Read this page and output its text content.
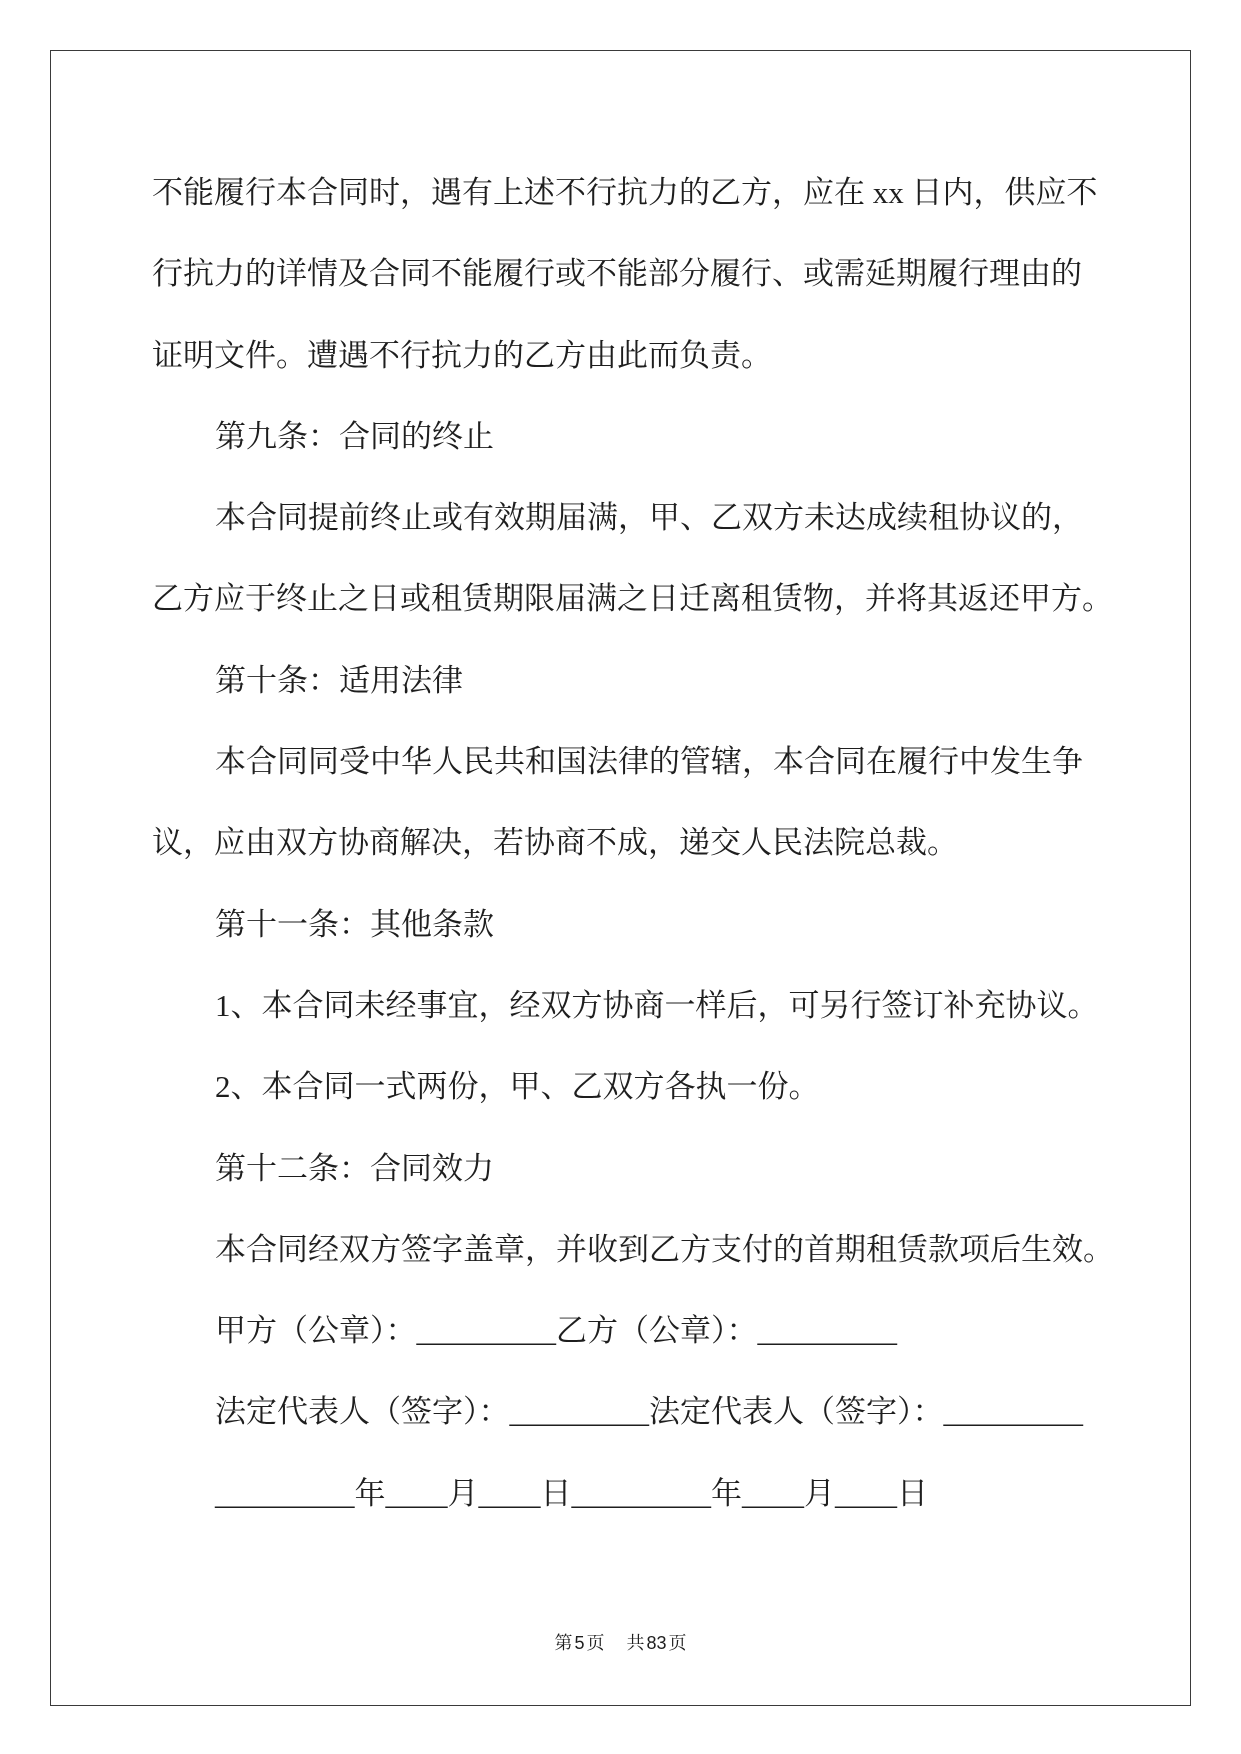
不能履行本合同时，遇有上述不行抗力的乙方，应在 xx 日内，供应不
行抗力的详情及合同不能履行或不能部分履行、或需延期履行理由的
证明文件。遭遇不行抗力的乙方由此而负责。
第九条：合同的终止
本合同提前终止或有效期届满，甲、乙双方未达成续租协议的，
乙方应于终止之日或租赁期限届满之日迁离租赁物，并将其返还甲方。
第十条：适用法律
本合同同受中华人民共和国法律的管辖，本合同在履行中发生争
议，应由双方协商解决，若协商不成，递交人民法院总裁。
第十一条：其他条款
1、本合同未经事宜，经双方协商一样后，可另行签订补充协议。
2、本合同一式两份，甲、乙双方各执一份。
第十二条：合同效力
本合同经双方签字盖章，并收到乙方支付的首期租赁款项后生效。
甲方（公章）：_________乙方（公章）：_________
法定代表人（签字）：_________法定代表人（签字）：_________
_________年____月____日_________年____月____日
第 5 页 共 83 页
